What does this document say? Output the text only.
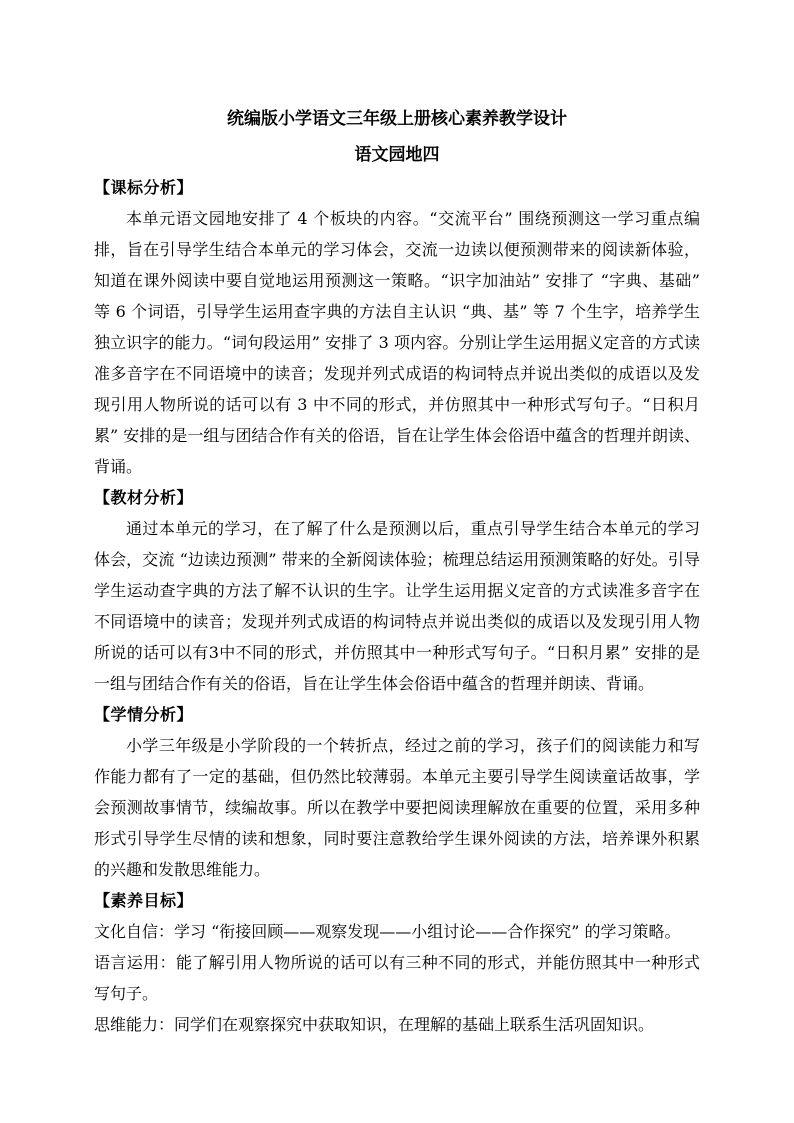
统编版小学语文三年级上册核心素养教学设计
语文园地四

【课标分析】

本单元语文园地安排了 4 个板块的内容。“交流平台” 围绕预测这一学习重点编排，旨在引导学生结合本单元的学习体会，交流一边读以便预测带来的阅读新体验，知道在课外阅读中要自觉地运用预测这一策略。“识字加油站” 安排了 “字典、基础” 等 6 个词语，引导学生运用查字典的方法自主认识 “典、基” 等 7 个生字，培养学生独立识字的能力。“词句段运用” 安排了 3 项内容。分别让学生运用据义定音的方式读准多音字在不同语境中的读音；发现并列式成语的构词特点并说出类似的成语以及发现引用人物所说的话可以有 3 中不同的形式，并仿照其中一种形式写句子。“日积月累” 安排的是一组与团结合作有关的俗语，旨在让学生体会俗语中蕴含的哲理并朗读、背诵。

【教材分析】

通过本单元的学习，在了解了什么是预测以后，重点引导学生结合本单元的学习体会，交流 “边读边预测” 带来的全新阅读体验；梳理总结运用预测策略的好处。引导学生运动查字典的方法了解不认识的生字。让学生运用据义定音的方式读准多音字在不同语境中的读音；发现并列式成语的构词特点并说出类似的成语以及发现引用人物所说的话可以有3中不同的形式，并仿照其中一种形式写句子。“日积月累” 安排的是一组与团结合作有关的俗语，旨在让学生体会俗语中蕴含的哲理并朗读、背诵。

【学情分析】

小学三年级是小学阶段的一个转折点，经过之前的学习，孩子们的阅读能力和写作能力都有了一定的基础，但仍然比较薄弱。本单元主要引导学生阅读童话故事，学会预测故事情节，续编故事。所以在教学中要把阅读理解放在重要的位置，采用多种形式引导学生尽情的读和想象，同时要注意教给学生课外阅读的方法，培养课外积累的兴趣和发散思维能力。

【素养目标】

文化自信：学习 “衔接回顾——观察发现——小组讨论——合作探究” 的学习策略。

语言运用：能了解引用人物所说的话可以有三种不同的形式，并能仿照其中一种形式写句子。

思维能力：同学们在观察探究中获取知识，在理解的基础上联系生活巩固知识。
